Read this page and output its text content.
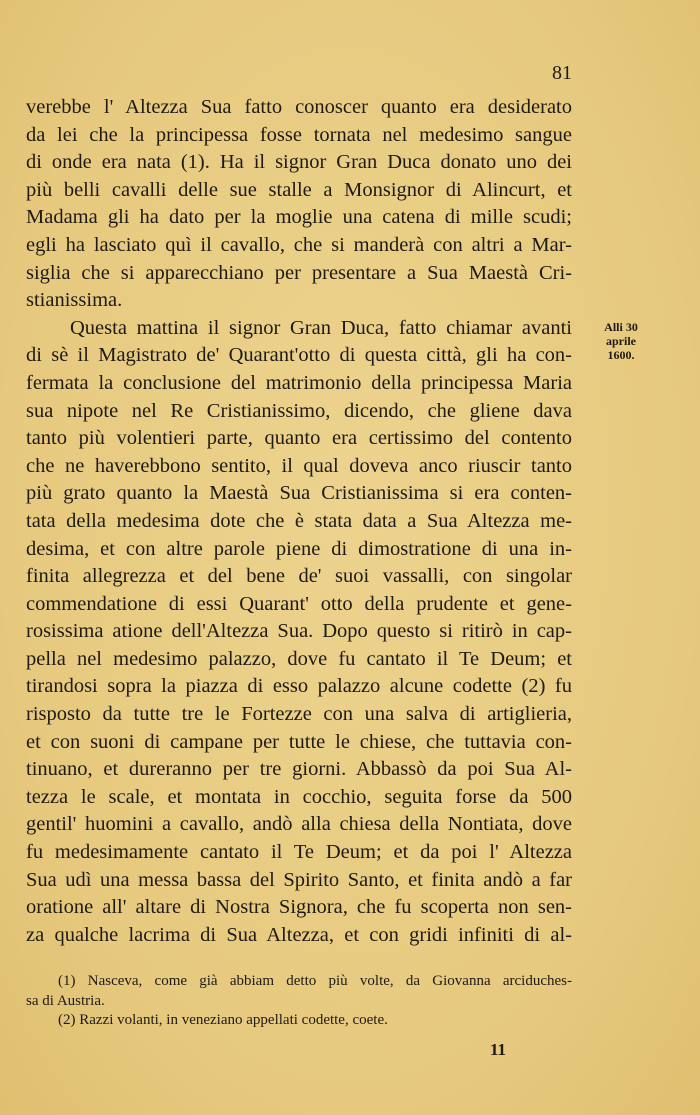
81
verebbe l' Altezza Sua fatto conoscer quanto era desiderato
da lei che la principessa fosse tornata nel medesimo sangue
di onde era nata (1). Ha il signor Gran Duca donato uno dei
più belli cavalli delle sue stalle a Monsignor di Alincurt, et
Madama gli ha dato per la moglie una catena di mille scudi;
egli ha lasciato quì il cavallo, che si manderà con altri a Mar-
siglia che si apparecchiano per presentare a Sua Maestà Cri-
stianissima.
Questa mattina il signor Gran Duca, fatto chiamar avanti
di sè il Magistrato de' Quarant'otto di questa città, gli ha con-
fermata la conclusione del matrimonio della principessa Maria
sua nipote nel Re Cristianissimo, dicendo, che gliene dava
tanto più volentieri parte, quanto era certissimo del contento
che ne haverebbono sentito, il qual doveva anco riuscir tanto
più grato quanto la Maestà Sua Cristianissima si era conten-
tata della medesima dote che è stata data a Sua Altezza me-
desima, et con altre parole piene di dimostratione di una in-
finita allegrezza et del bene de' suoi vassalli, con singolar
commendatione di essi Quarant' otto della prudente et gene-
rosissima atione dell'Altezza Sua. Dopo questo si ritirò in cap-
pella nel medesimo palazzo, dove fu cantato il Te Deum; et
tirandosi sopra la piazza di esso palazzo alcune codette (2) fu
risposto da tutte tre le Fortezze con una salva di artiglieria,
et con suoni di campane per tutte le chiese, che tuttavia con-
tinuano, et dureranno per tre giorni. Abbassò da poi Sua Al-
tezza le scale, et montata in cocchio, seguita forse da 500
gentil' huomini a cavallo, andò alla chiesa della Nontiata, dove
fu medesimamente cantato il Te Deum; et da poi l' Altezza
Sua udì una messa bassa del Spirito Santo, et finita andò a far
oratione all' altare di Nostra Signora, che fu scoperta non sen-
za qualche lacrima di Sua Altezza, et con gridi infiniti di al-
Alli 30
aprile
1600.
(1) Nasceva, come già abbiam detto più volte, da Giovanna arciduches-
sa di Austria.
(2) Razzi volanti, in veneziano appellati codette, coete.
11
